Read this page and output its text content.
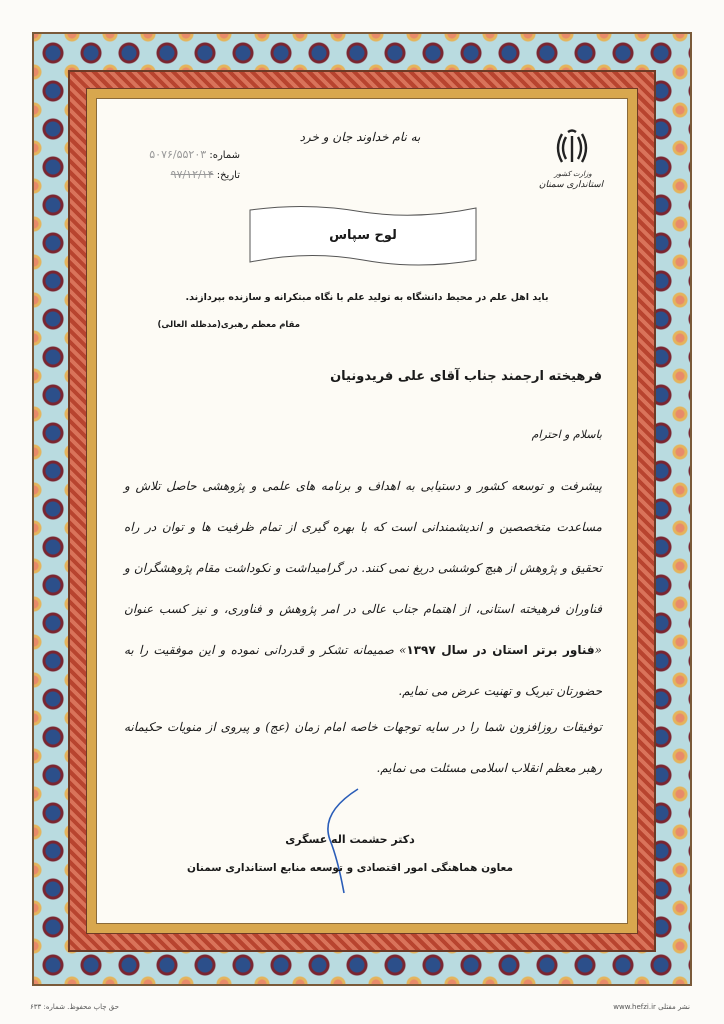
وزارت کشور
استانداری سمنان
به نام خداوند جان و خرد
شماره: ۵۰۷۶/۵۵۲۰۳
تاریخ: ۹۷/۱۲/۱۴
لوح سپاس
باید اهل علم در محیط دانشگاه به تولید علم با نگاه مبتکرانه و سازنده بپردازند.
مقام معظم رهبری(مدظله العالی)
فرهیخته ارجمند جناب آقای علی فریدونیان
باسلام و احترام
پیشرفت و توسعه کشور و دستیابی به اهداف و برنامه های علمی و پژوهشی حاصل تلاش و مساعدت متخصصین و اندیشمندانی است که با بهره گیری از تمام ظرفیت ها و توان در راه تحقیق و پژوهش از هیچ کوششی دریغ نمی کنند. در گرامیداشت و نکوداشت مقام پژوهشگران و فناوران فرهیخته استانی، از اهتمام جناب عالی در امر پژوهش و فناوری، و نیز کسب عنوان «فناور برتر استان در سال ۱۳۹۷» صمیمانه تشکر و قدردانی نموده و این موفقیت را به حضورتان تبریک و تهنیت عرض می نمایم.
توفیقات روزافزون شما را در سایه توجهات خاصه امام زمان (عج) و پیروی از منویات حکیمانه رهبر معظم انقلاب اسلامی مسئلت می نمایم.
دکتر حشمت اله عسگری
معاون هماهنگی امور اقتصادی و توسعه منابع استانداری سمنان
نشر مفتلی www.hefzi.ir
حق چاپ محفوظ. شماره: ۶۳۳
